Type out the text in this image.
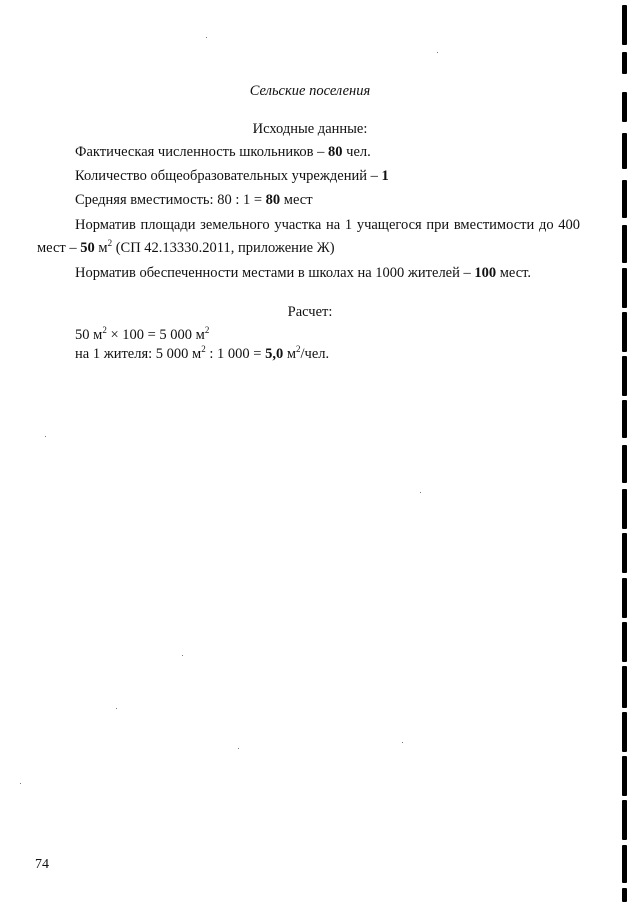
Сельские поселения
Исходные данные:
Фактическая численность школьников – 80 чел.
Количество общеобразовательных учреждений – 1
Средняя вместимость: 80 : 1 = 80 мест
Норматив площади земельного участка на 1 учащегося при вместимости до 400
мест – 50 $м^2$ (СП 42.13330.2011, приложение Ж)
Норматив обеспеченности местами в школах на 1000 жителей – 100 мест.
Расчет:
50 $м^2 \times 100 = 5$ 000 $м^2$
на 1 жителя: 5 000 $м^2$ : 1 000 = 5,0 $м^2$/чел.
74
